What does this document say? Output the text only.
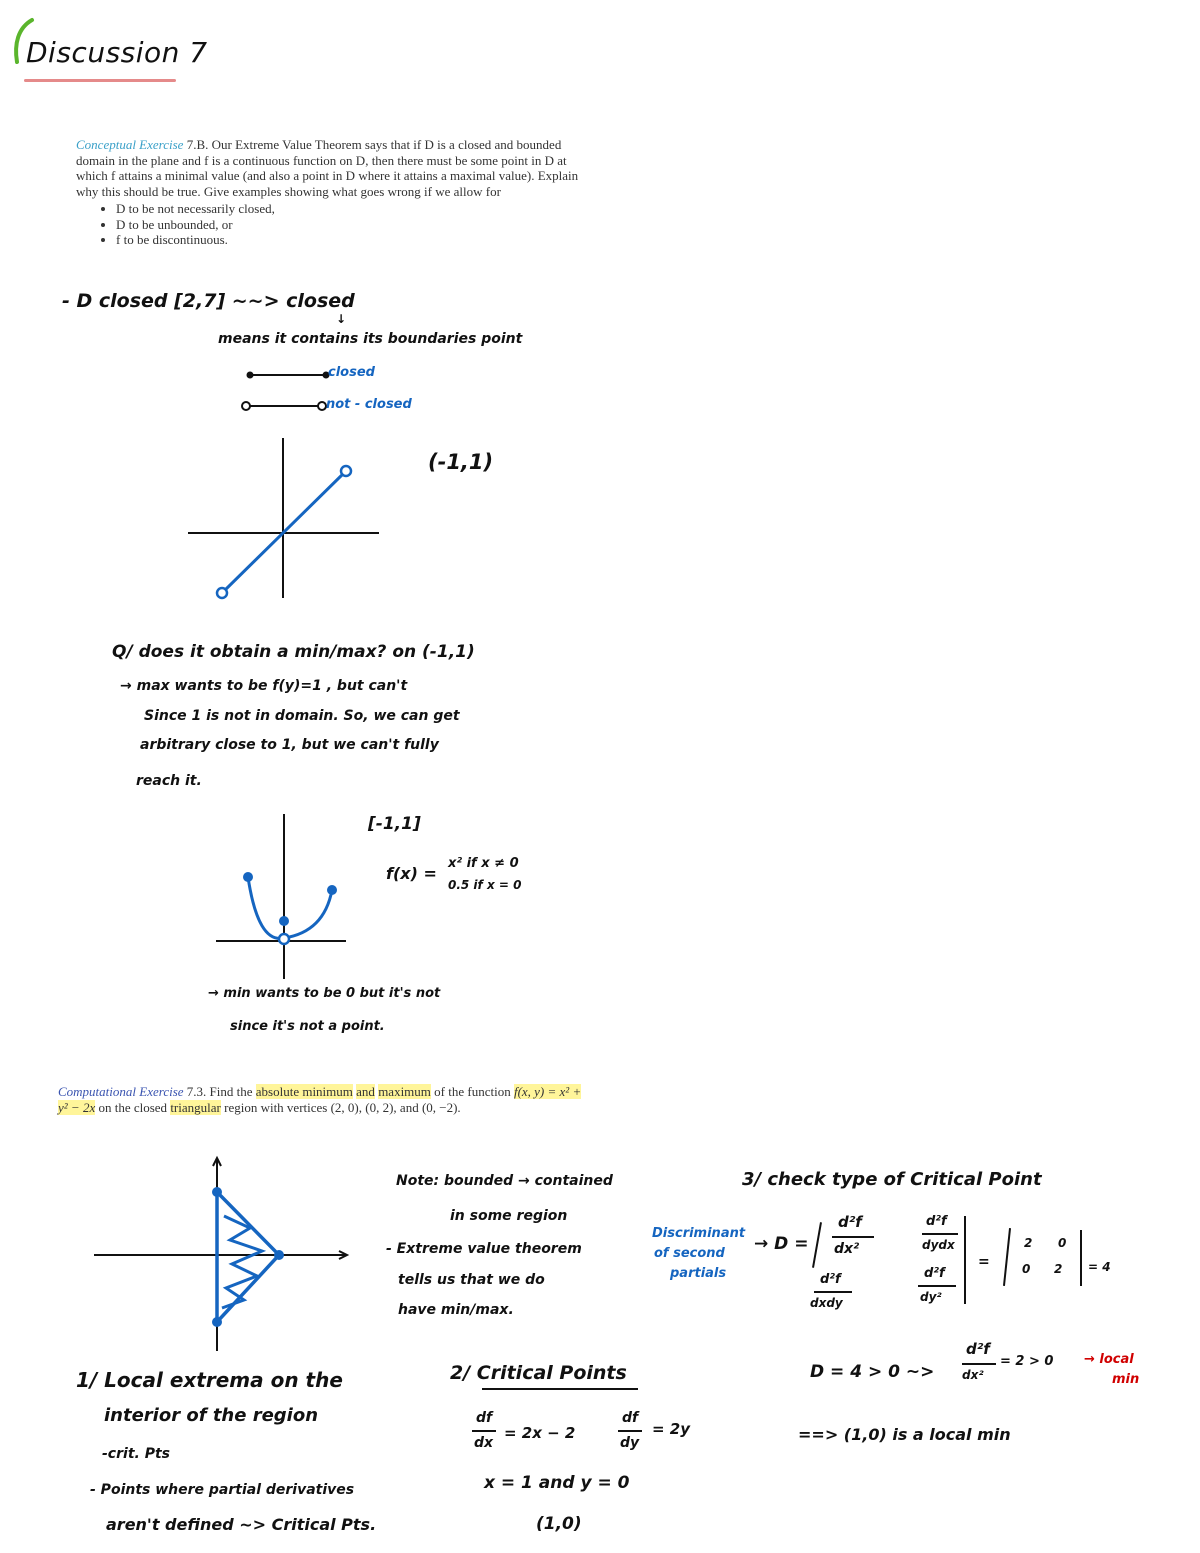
Discussion 7
Conceptual Exercise 7.B. Our Extreme Value Theorem says that if D is a closed and bounded domain in the plane and f is a continuous function on D, then there must be some point in D at which f attains a minimal value (and also a point in D where it attains a maximal value). Explain why this should be true. Give examples showing what goes wrong if we allow for
• D to be not necessarily closed,
• D to be unbounded, or
• f to be discontinuous.
- D closed [2,7] ~~> closed
↓
means it contains its boundaries point
closed
not - closed
(-1,1)
Q/ does it obtain a min/max? on (-1,1)
→ max wants to be f(y)=1 , but can't
Since 1 is not in domain. So, we can get
arbitrary close to 1, but we can't fully
reach it.
[-1,1]
f(x) =
x² if x ≠ 0
0.5 if x = 0
→ min wants to be 0 but it's not
since it's not a point.
Computational Exercise 7.3. Find the absolute minimum and maximum of the function f(x, y) = x² + y² − 2x on the closed triangular region with vertices (2, 0), (0, 2), and (0, −2).
Note: bounded → contained
in some region
- Extreme value theorem
tells us that we do
have min/max.
3/ check type of Critical Point
Discriminant
of second
partials
→ D =
d²f
dx²
d²f
dxdy
d²f
dydx
d²f
dy²
=
2 0
0 2 = 4
D = 4 > 0 ~>
d²f
dx²
= 2 > 0 → local
min
==> (1,0) is a local min
1/ Local extrema on the
interior of the region
-crit. Pts
- Points where partial derivatives
aren't defined ~> Critical Pts.
2/ Critical Points
df
dx
= 2x − 2
df
dy
= 2y
x = 1 and y = 0
(1,0)
